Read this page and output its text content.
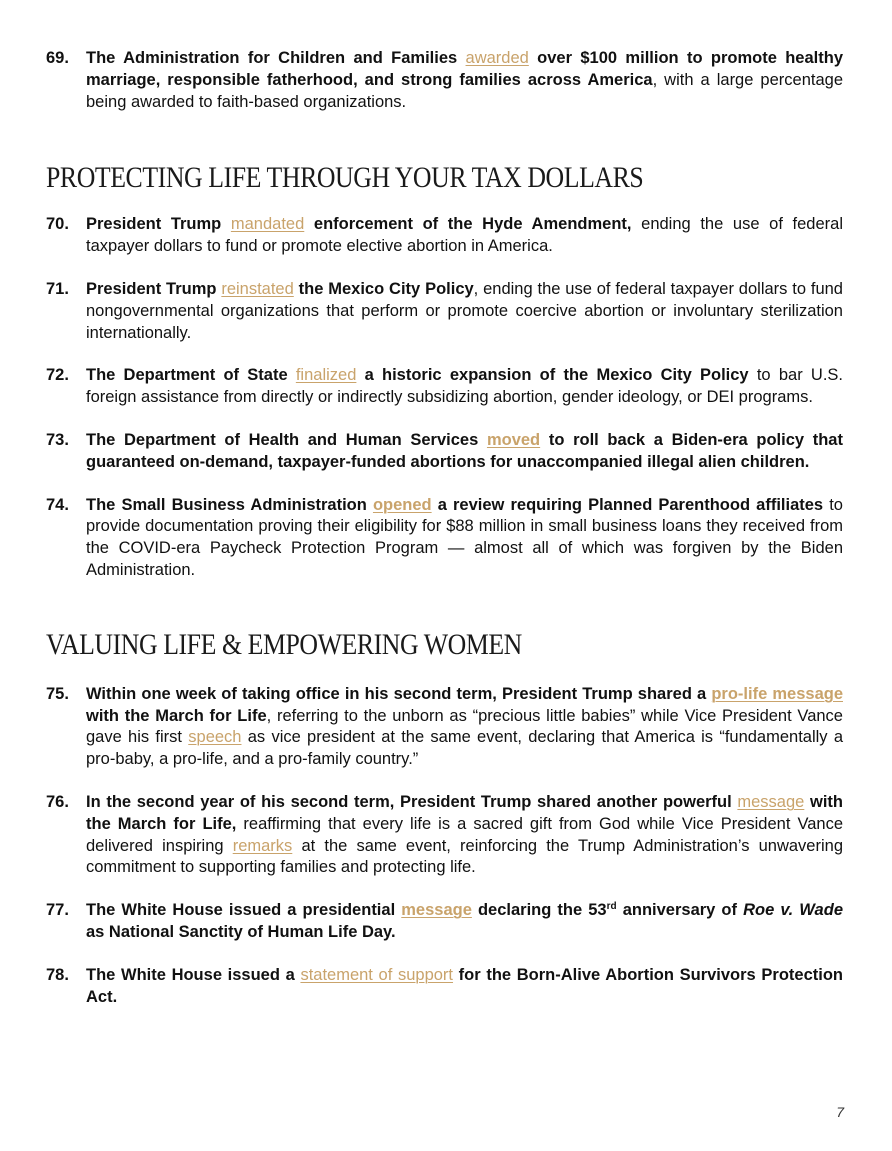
69. The Administration for Children and Families awarded over $100 million to promote healthy marriage, responsible fatherhood, and strong families across America, with a large percentage being awarded to faith-based organizations.

PROTECTING LIFE THROUGH YOUR TAX DOLLARS

70. President Trump mandated enforcement of the Hyde Amendment, ending the use of federal taxpayer dollars to fund or promote elective abortion in America.

71. President Trump reinstated the Mexico City Policy, ending the use of federal taxpayer dollars to fund nongovernmental organizations that perform or promote coercive abortion or involuntary sterilization internationally.

72. The Department of State finalized a historic expansion of the Mexico City Policy to bar U.S. foreign assistance from directly or indirectly subsidizing abortion, gender ideology, or DEI programs.

73. The Department of Health and Human Services moved to roll back a Biden-era policy that guaranteed on-demand, taxpayer-funded abortions for unaccompanied illegal alien children.

74. The Small Business Administration opened a review requiring Planned Parenthood affiliates to provide documentation proving their eligibility for $88 million in small business loans they received from the COVID-era Paycheck Protection Program — almost all of which was forgiven by the Biden Administration.

VALUING LIFE & EMPOWERING WOMEN

75. Within one week of taking office in his second term, President Trump shared a pro-life message with the March for Life, referring to the unborn as “precious little babies” while Vice President Vance gave his first speech as vice president at the same event, declaring that America is “fundamentally a pro-baby, a pro-life, and a pro-family country.”

76. In the second year of his second term, President Trump shared another powerful message with the March for Life, reaffirming that every life is a sacred gift from God while Vice President Vance delivered inspiring remarks at the same event, reinforcing the Trump Administration’s unwavering commitment to supporting families and protecting life.

77. The White House issued a presidential message declaring the 53rd anniversary of Roe v. Wade as National Sanctity of Human Life Day.

78. The White House issued a statement of support for the Born-Alive Abortion Survivors Protection Act.

7
